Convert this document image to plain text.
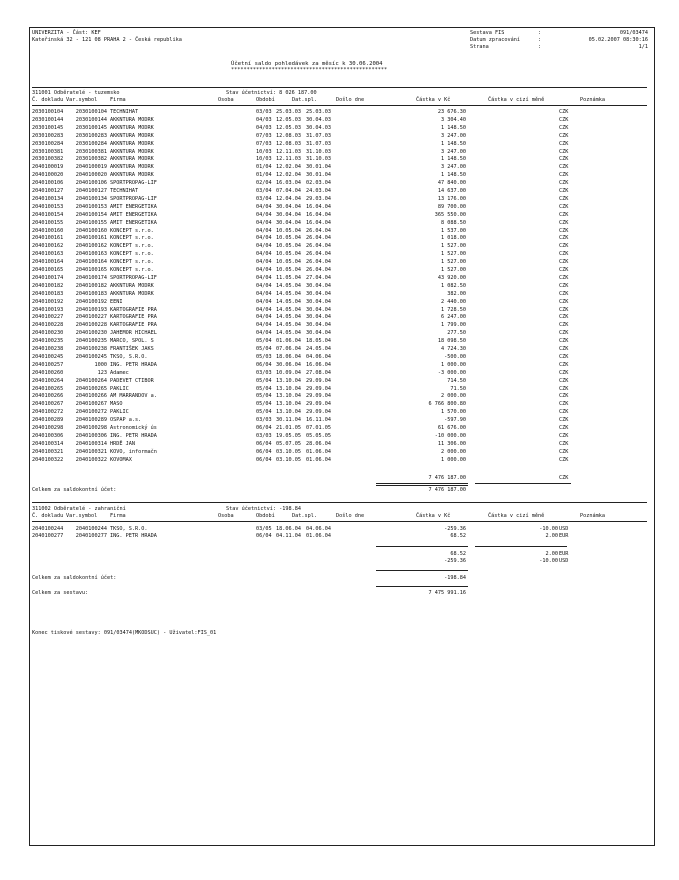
UNIVERZITA - Část: KEF
Kateřinská 32 - 121 08 PRAHA 2 - Česká republika
Sestava FIS
Datum zpracování
Strana
:
:
:
091/03474
05.02.2007 08:30:16
1/1
Účetní saldo pohledávek za měsíc k 30.06.2004
**************************************************
311001 Odběratelé - tuzemsko	Stav účetnictví: 8 026 187.00
Č. dokladu Var.symbol Firma	Osoba	Období	Dat.spl.	Došlo dne	Částka v Kč	Částka v cizí měně	Poznámka
2030100104 2030100104 TECHNIHAT	03/03 25.03.03 25.03.03	23 676.30	CZK
2030100144 2030100144 AKKNTURA MODRK	04/03 12.05.03 30.04.03	3 304.40	CZK
2030100145 2030100145 AKKNTURA MODRK	04/03 12.05.03 30.04.03	1 148.50	CZK
2030100283 2030100283 AKKNTURA MODRK	07/03 12.08.03 31.07.03	3 247.00	CZK
2030100284 2030100284 AKKNTURA MODRK	07/03 12.08.03 31.07.03	1 148.50	CZK
2030100381 2030100381 AKKNTURA MODRK	10/03 12.11.03 31.10.03	3 247.00	CZK
2030100382 2030100382 AKKNTURA MODRK	10/03 12.11.03 31.10.03	1 148.50	CZK
2040100019 2040100019 AKKNTURA MODRK	01/04 12.02.04 30.01.04	3 247.00	CZK
2040100020 2040100020 AKKNTURA MODRK	01/04 12.02.04 30.01.04	1 148.50	CZK
2040100106 2040100106 SPORTPROPAG-LIF	02/04 16.03.04 02.03.04	47 840.00	CZK
2040100127 2040100127 TECHNIHAT	03/04 07.04.04 24.03.04	14 637.00	CZK
2040100134 2040100134 SPORTPROPAG-LIF	03/04 12.04.04 29.03.04	13 176.00	CZK
2040100153 2040100153 AMIT ENERGETIKA	04/04 30.04.04 16.04.04	89 700.00	CZK
2040100154 2040100154 AMIT ENERGETIKA	04/04 30.04.04 16.04.04	365 550.00	CZK
2040100155 2040100155 AMIT ENERGETIKA	04/04 30.04.04 16.04.04	8 088.50	CZK
2040100160 2040100160 KONCEPT s.r.o.	04/04 10.05.04 26.04.04	1 537.00	CZK
2040100161 2040100161 KONCEPT s.r.o.	04/04 10.05.04 26.04.04	1 018.00	CZK
2040100162 2040100162 KONCEPT s.r.o.	04/04 10.05.04 26.04.04	1 527.00	CZK
2040100163 2040100163 KONCEPT s.r.o.	04/04 10.05.04 26.04.04	1 527.00	CZK
2040100164 2040100164 KONCEPT s.r.o.	04/04 10.05.04 26.04.04	1 527.00	CZK
2040100165 2040100165 KONCEPT s.r.o.	04/04 10.05.04 26.04.04	1 527.00	CZK
2040100174 2040100174 SPORTPROPAG-LIF	04/04 11.05.04 27.04.04	43 920.00	CZK
2040100182 2040100182 AKKNTURA MODRK	04/04 14.05.04 30.04.04	1 082.50	CZK
2040100183 2040100183 AKKNTURA MODRK	04/04 14.05.04 30.04.04	382.00	CZK
2040100192 2040100192 EENI	04/04 14.05.04 30.04.04	2 440.00	CZK
2040100193 2040100193 KARTOGRAFIE PRA	04/04 14.05.04 30.04.04	1 728.50	CZK
2040100227 2040100227 KARTOGRAFIE PRA	04/04 14.05.04 30.04.04	6 247.00	CZK
2040100228 2040100228 KARTOGRAFIE PRA	04/04 14.05.04 30.04.04	1 799.00	CZK
2040100230 2040100230 JAHEMOR HICHAEL	04/04 14.05.04 30.04.04	277.50	CZK
2040100235 2040100235 MARCO, SPOL. S	05/04 01.06.04 18.05.04	18 098.50	CZK
2040100238 2040100238 FRANTIŠEK JAKS	05/04 07.06.04 24.05.04	4 724.30	CZK
2040100245 2040100245 TKSO, S.R.O.	05/03 18.06.04 04.06.04	-500.00	CZK
2040100257	1000 ING. PETR HRADA	06/04 30.06.04 16.06.04	1 000.00	CZK
2040100260	123 Adamec	03/03 10.09.04 27.08.04	-3 000.00	CZK
2040100264 2040100264 PADEVET CTIBOR	05/04 13.10.04 29.09.04	714.50	CZK
2040100265 2040100265 PAKLIC	05/04 13.10.04 29.09.04	71.50	CZK
2040100266 2040100266 AM MARRANDOV a.	05/04 13.10.04 29.09.04	2 000.00	CZK
2040100267 2040100267 MASO	05/04 13.10.04 29.09.04	6 766 800.80	CZK
2040100272 2040100272 PAKLIC	05/04 13.10.04 29.09.04	1 570.00	CZK
2040100289 2040100289 OSPAP a.s.	03/03 30.11.04 16.11.04	-597.90	CZK
2040100298 2040100298 Astronomický ús	06/04 21.01.05 07.01.05	61 676.00	CZK
2040100306 2040100306 ING. PETR HRADA	03/03 19.05.05 05.05.05	-10 000.00	CZK
2040100314 2040100314 HRDĚ JAN	06/04 05.07.05 28.06.04	11 306.00	CZK
2040100321 2040100321 KOVO, informačn	06/04 03.10.05 01.06.04	2 000.00	CZK
2040100322 2040100322 KOVOMAX	06/04 03.10.05 01.06.04	1 000.00	CZK
7 476 187.00	CZK
Celkem za saldokontní účet:	7 476 187.00
311002 Odběratelé - zahraniční	Stav účetnictví: -198.84
Č. dokladu Var.symbol Firma	Osoba	Období	Dat.spl.	Došlo dne	Částka v Kč	Částka v cizí měně	Poznámka
2040100244 2040100244 TKSO, S.R.O.	03/05 18.06.04 04.06.04	-259.36	-10.00 USD
2040100277 2040100277 ING. PETR HRADA	06/04 04.11.04 01.06.04	68.52	2.00 EUR
68.52	2.00 EUR
-259.36	-10.00 USD
Celkem za saldokontní účet:	-198.84
Celkem za sestavu:	7 475 991.16
Konec tiskové sestavy: 091/03474(MKODSUC) - Uživatel:FIS_01
